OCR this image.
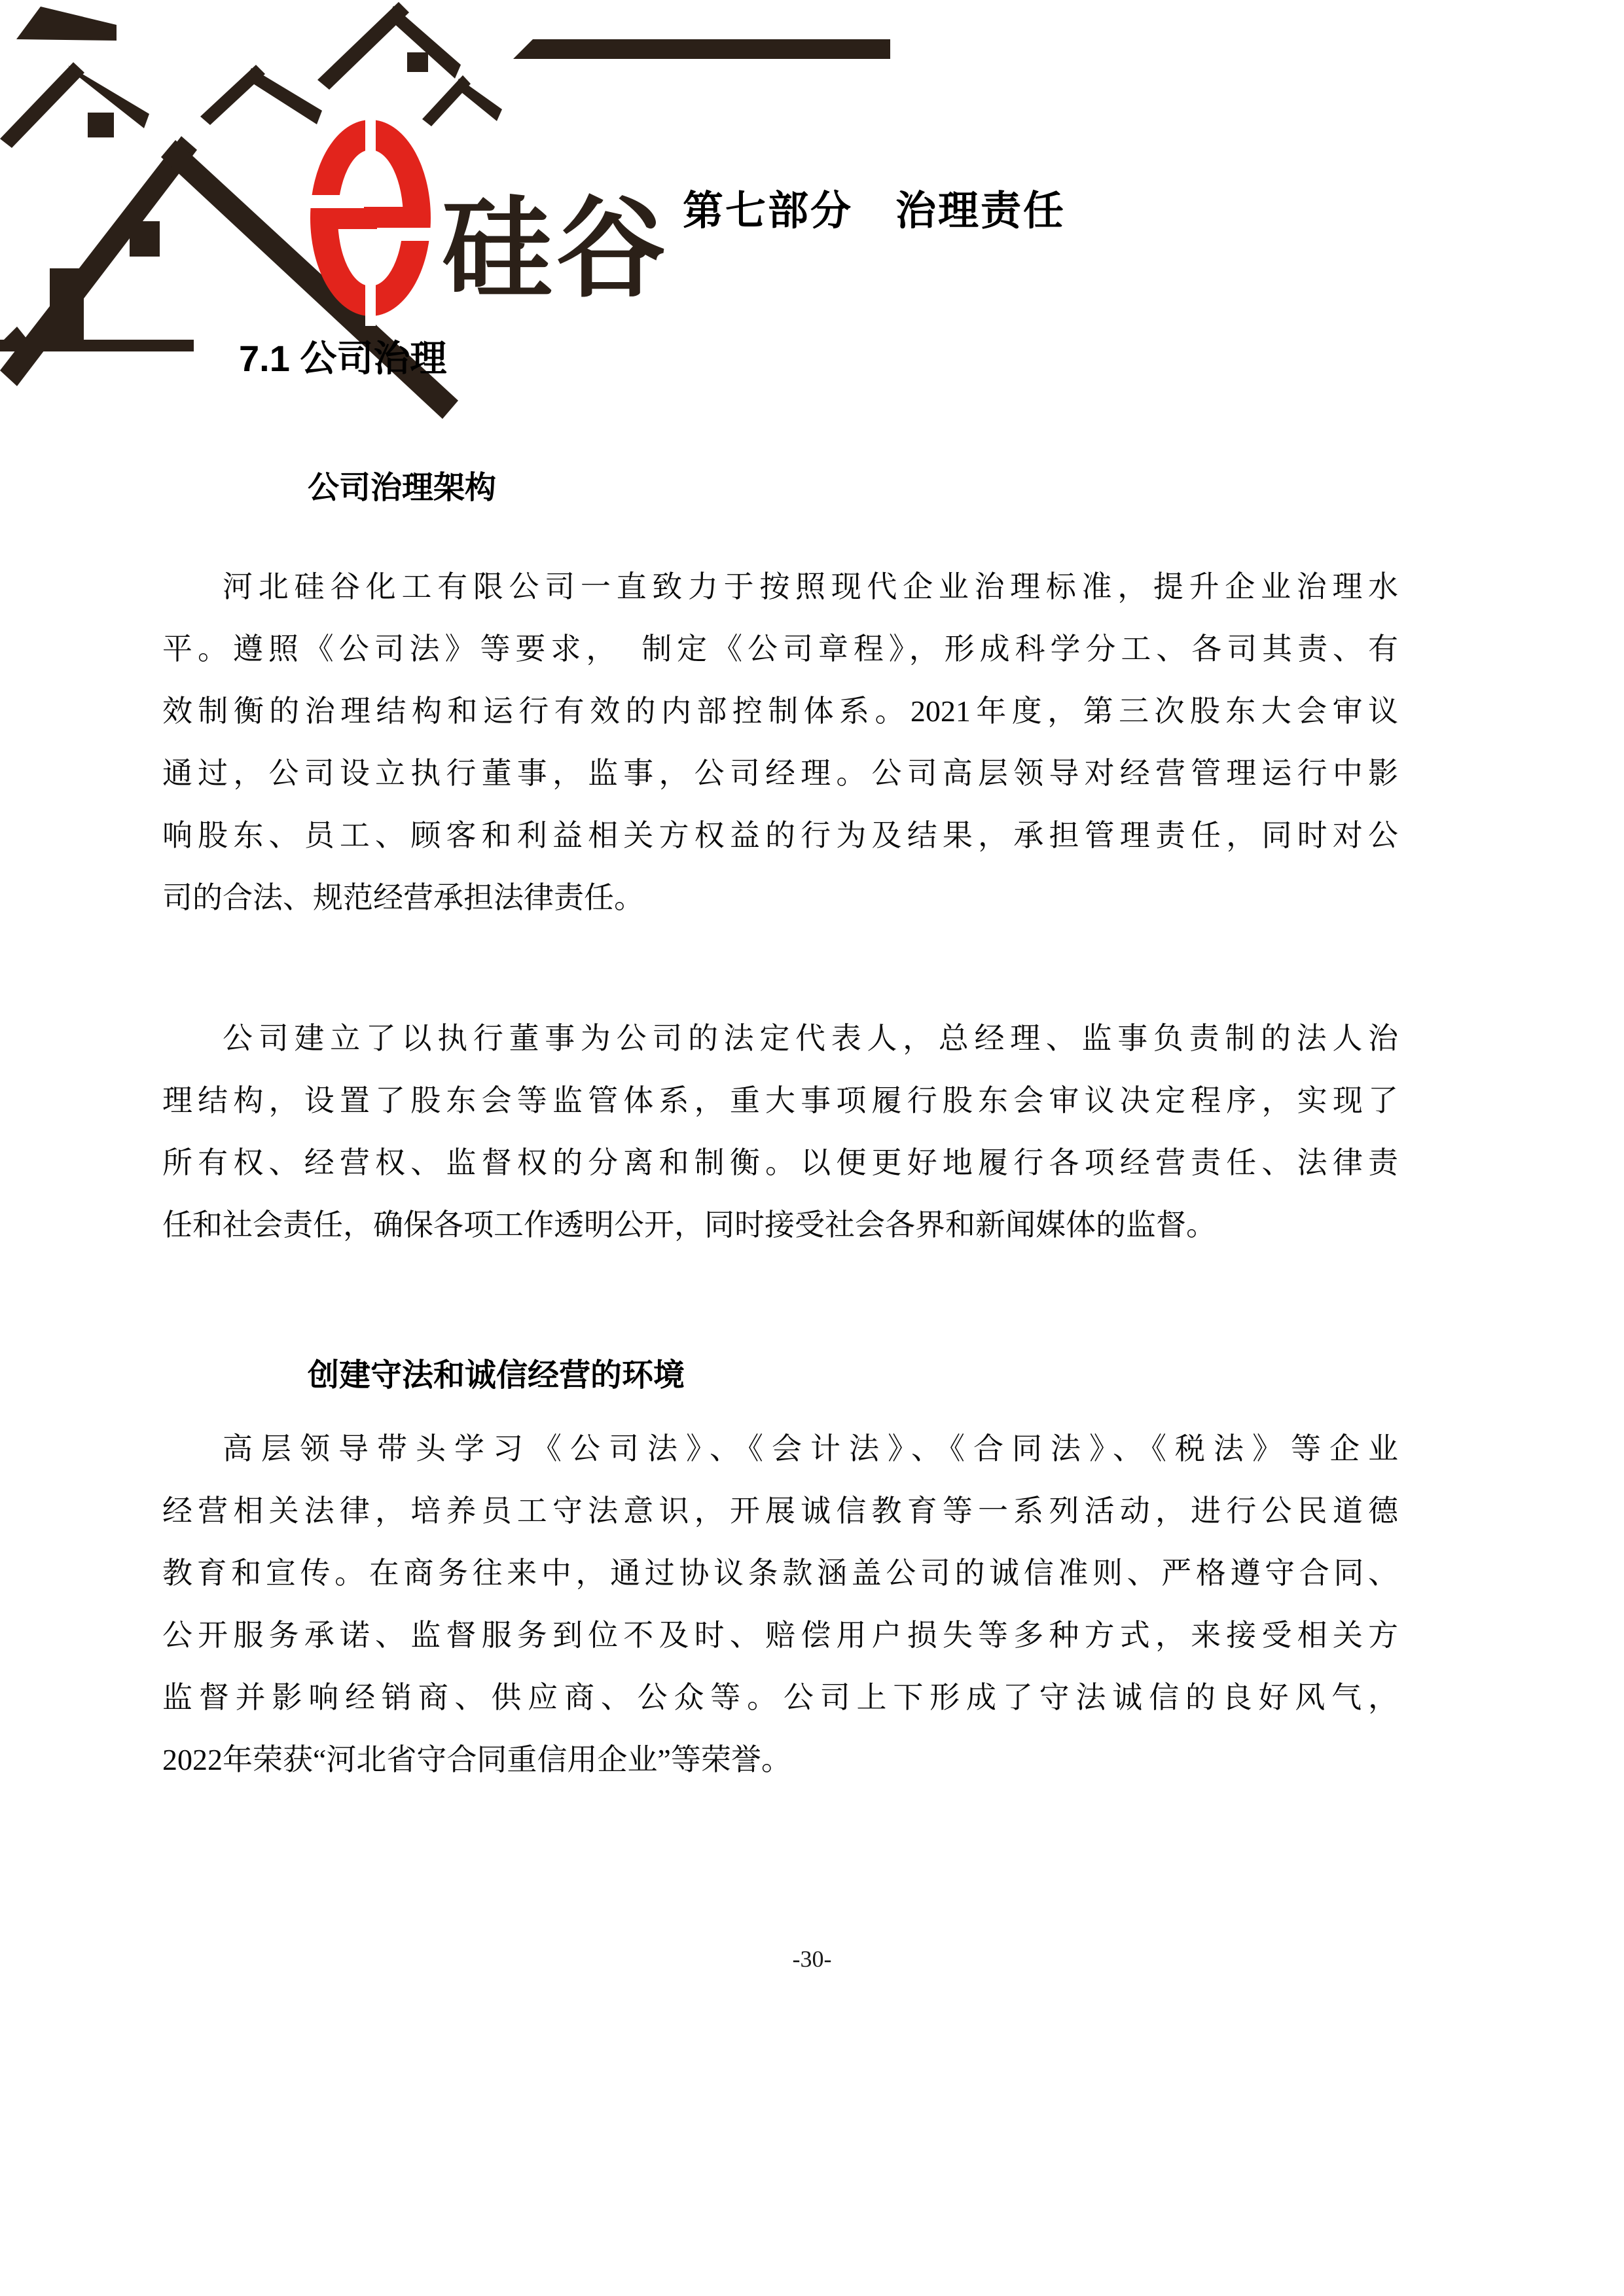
硅谷 第七部分　治理责任
7.1 公司治理
公司治理架构
河北硅谷化工有限公司一直致力于按照现代企业治理标准，提升企业治理水
平。遵照《公司法》等要求，　制定《公司章程》，形成科学分工、各司其责、有
效制衡的治理结构和运行有效的内部控制体系。2021年度，第三次股东大会审议
通过，公司设立执行董事，监事，公司经理。公司高层领导对经营管理运行中影
响股东、员工、顾客和利益相关方权益的行为及结果，承担管理责任，同时对公
司的合法、规范经营承担法律责任。
公司建立了以执行董事为公司的法定代表人，总经理、监事负责制的法人治
理结构，设置了股东会等监管体系，重大事项履行股东会审议决定程序，实现了
所有权、经营权、监督权的分离和制衡。以便更好地履行各项经营责任、法律责
任和社会责任，确保各项工作透明公开，同时接受社会各界和新闻媒体的监督。
创建守法和诚信经营的环境
高层领导带头学习《公司法》、《会计法》、《合同法》、《税法》等企业
经营相关法律，培养员工守法意识，开展诚信教育等一系列活动，进行公民道德
教育和宣传。在商务往来中，通过协议条款涵盖公司的诚信准则、严格遵守合同、
公开服务承诺、监督服务到位不及时、赔偿用户损失等多种方式，来接受相关方
监督并影响经销商、供应商、公众等。公司上下形成了守法诚信的良好风气，
2022年荣获“河北省守合同重信用企业”等荣誉。
-30-
